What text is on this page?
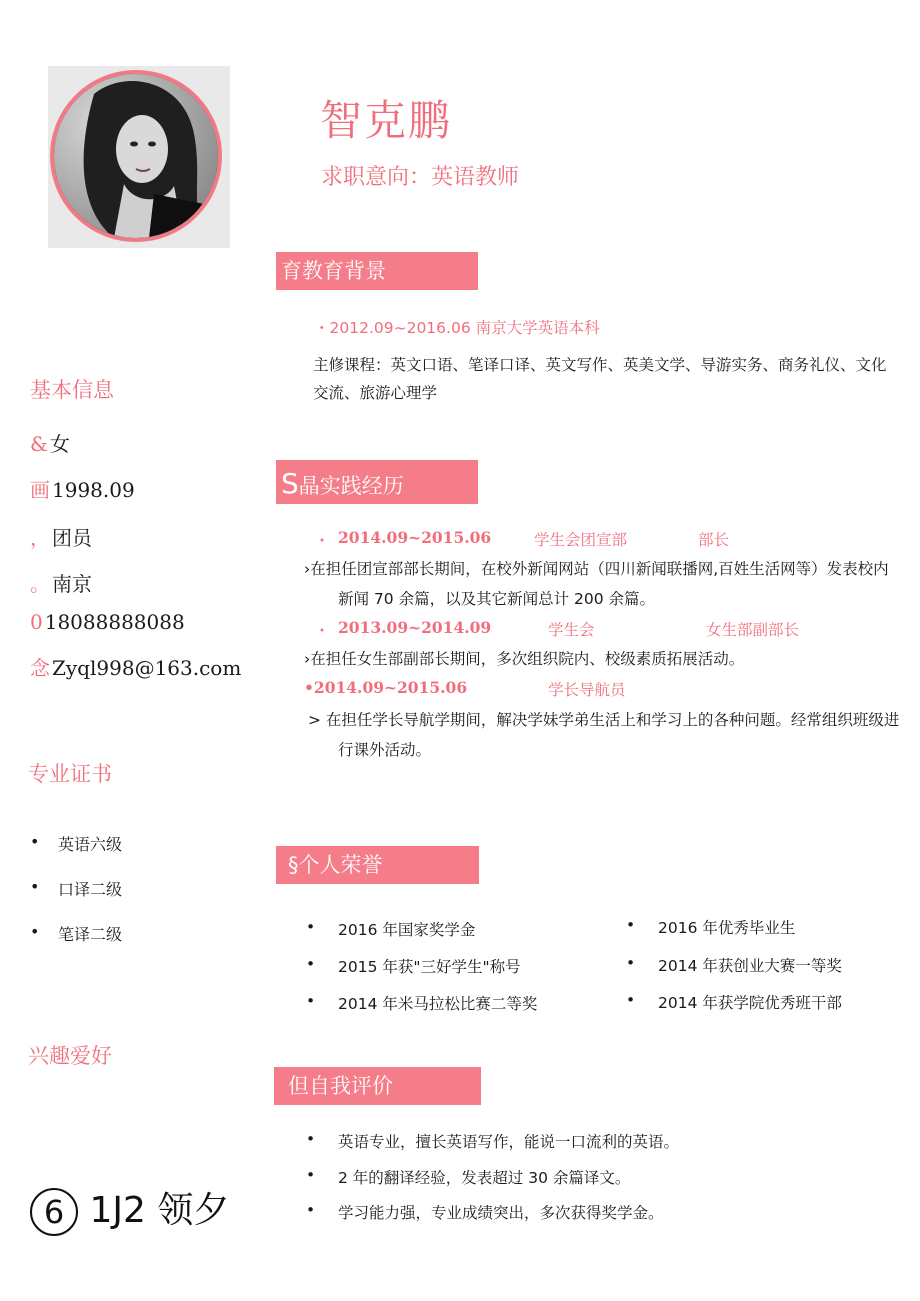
智克鹏
求职意向：英语教师
基本信息
& 女
画 1998.09
， 团员
。 南京
0 18088888088
念 Zyql998@163.com
专业证书
• 英语六级
• 口译二级
• 笔译二级
兴趣爱好
6 1J2 领夕
育教育背景
・2012.09~2016.06 南京大学英语本科
主修课程：英文口语、笔译口译、英文写作、英美文学、导游实务、商务礼仪、文化交流、旅游心理学
S晶实践经历
・ 2014.09~2015.06	学生会团宣部	部长
›在担任团宣部部长期间，在校外新闻网站（四川新闻联播网,百姓生活网等）发表校内
新闻 70 余篇，以及其它新闻总计 200 余篇。
・ 2013.09~2014.09	学生会	女生部副部长
›在担任女生部副部长期间，多次组织院内、校级素质拓展活动。
•2014.09~2015.06	学长导航员
> 在担任学长导航学期间，解决学妹学弟生活上和学习上的各种问题。经常组织班级进
行课外活动。
§个人荣誉
• 2016 年国家奖学金
• 2015 年获"三好学生"称号
• 2014 年米马拉松比赛二等奖
• 2016 年优秀毕业生
• 2014 年获创业大赛一等奖
• 2014 年获学院优秀班干部
但自我评价
• 英语专业，擅长英语写作，能说一口流利的英语。
• 2 年的翻译经验，发表超过 30 余篇译文。
• 学习能力强，专业成绩突出，多次获得奖学金。
